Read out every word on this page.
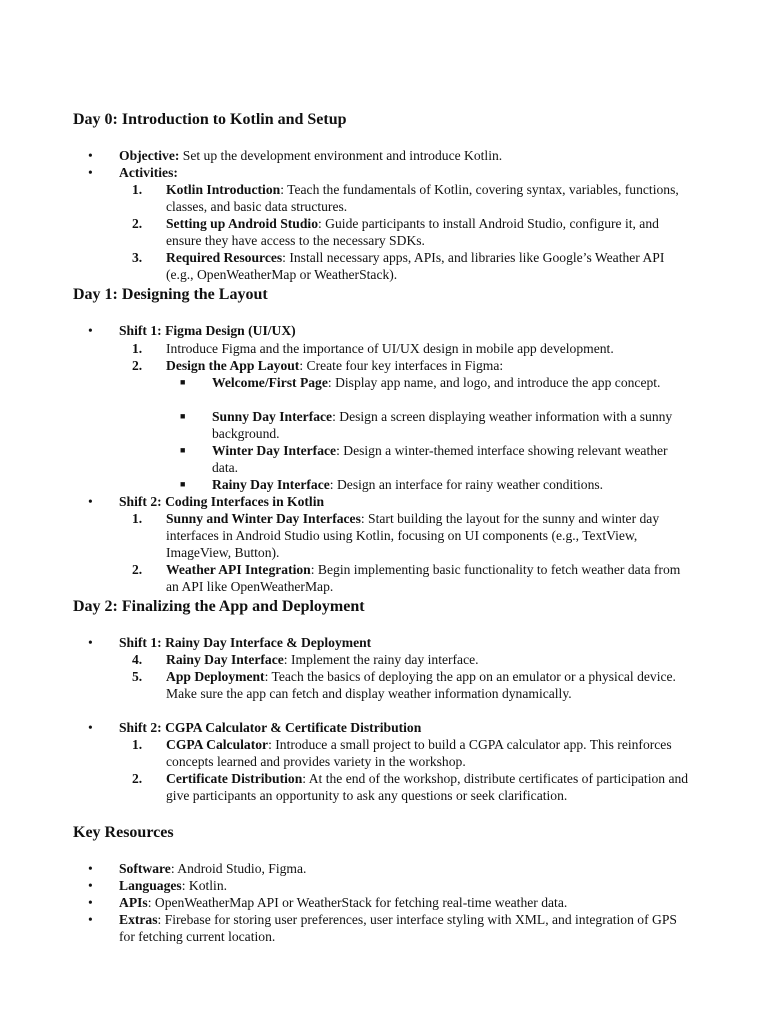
Day 0: Introduction to Kotlin and Setup
•	Objective: Set up the development environment and introduce Kotlin.
•	Activities:
1.	Kotlin Introduction: Teach the fundamentals of Kotlin, covering syntax, variables, functions, classes, and basic data structures.
2.	Setting up Android Studio: Guide participants to install Android Studio, configure it, and ensure they have access to the necessary SDKs.
3.	Required Resources: Install necessary apps, APIs, and libraries like Google’s Weather API (e.g., OpenWeatherMap or WeatherStack).
Day 1: Designing the Layout
•	Shift 1: Figma Design (UI/UX)
1.	Introduce Figma and the importance of UI/UX design in mobile app development.
2.	Design the App Layout: Create four key interfaces in Figma:
■	Welcome/First Page: Display app name, and logo, and introduce the app concept.
■	Sunny Day Interface: Design a screen displaying weather information with a sunny background.
■	Winter Day Interface: Design a winter-themed interface showing relevant weather data.
■	Rainy Day Interface: Design an interface for rainy weather conditions.
•	Shift 2: Coding Interfaces in Kotlin
1.	Sunny and Winter Day Interfaces: Start building the layout for the sunny and winter day interfaces in Android Studio using Kotlin, focusing on UI components (e.g., TextView, ImageView, Button).
2.	Weather API Integration: Begin implementing basic functionality to fetch weather data from an API like OpenWeatherMap.
Day 2: Finalizing the App and Deployment
•	Shift 1: Rainy Day Interface & Deployment
4.	Rainy Day Interface: Implement the rainy day interface.
5.	App Deployment: Teach the basics of deploying the app on an emulator or a physical device. Make sure the app can fetch and display weather information dynamically.
•	Shift 2: CGPA Calculator & Certificate Distribution
1.	CGPA Calculator: Introduce a small project to build a CGPA calculator app. This reinforces concepts learned and provides variety in the workshop.
2.	Certificate Distribution: At the end of the workshop, distribute certificates of participation and give participants an opportunity to ask any questions or seek clarification.
Key Resources
•	Software: Android Studio, Figma.
•	Languages: Kotlin.
•	APIs: OpenWeatherMap API or WeatherStack for fetching real-time weather data.
•	Extras: Firebase for storing user preferences, user interface styling with XML, and integration of GPS for fetching current location.
